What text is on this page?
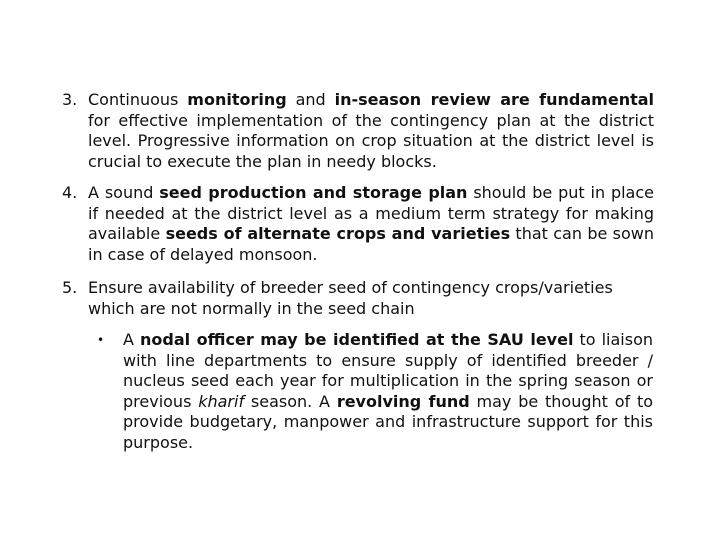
3. Continuous monitoring and in-season review are fundamental for effective implementation of the contingency plan at the district level. Progressive information on crop situation at the district level is crucial to execute the plan in needy blocks.
4. A sound seed production and storage plan should be put in place if needed at the district level as a medium term strategy for making available seeds of alternate crops and varieties that can be sown in case of delayed monsoon.
5. Ensure availability of breeder seed of contingency crops/varieties which are not normally in the seed chain
•	A nodal officer may be identified at the SAU level to liaison with line departments to ensure supply of identified breeder / nucleus seed each year for multiplication in the spring season or previous kharif season. A revolving fund may be thought of to provide budgetary, manpower and infrastructure support for this purpose.
